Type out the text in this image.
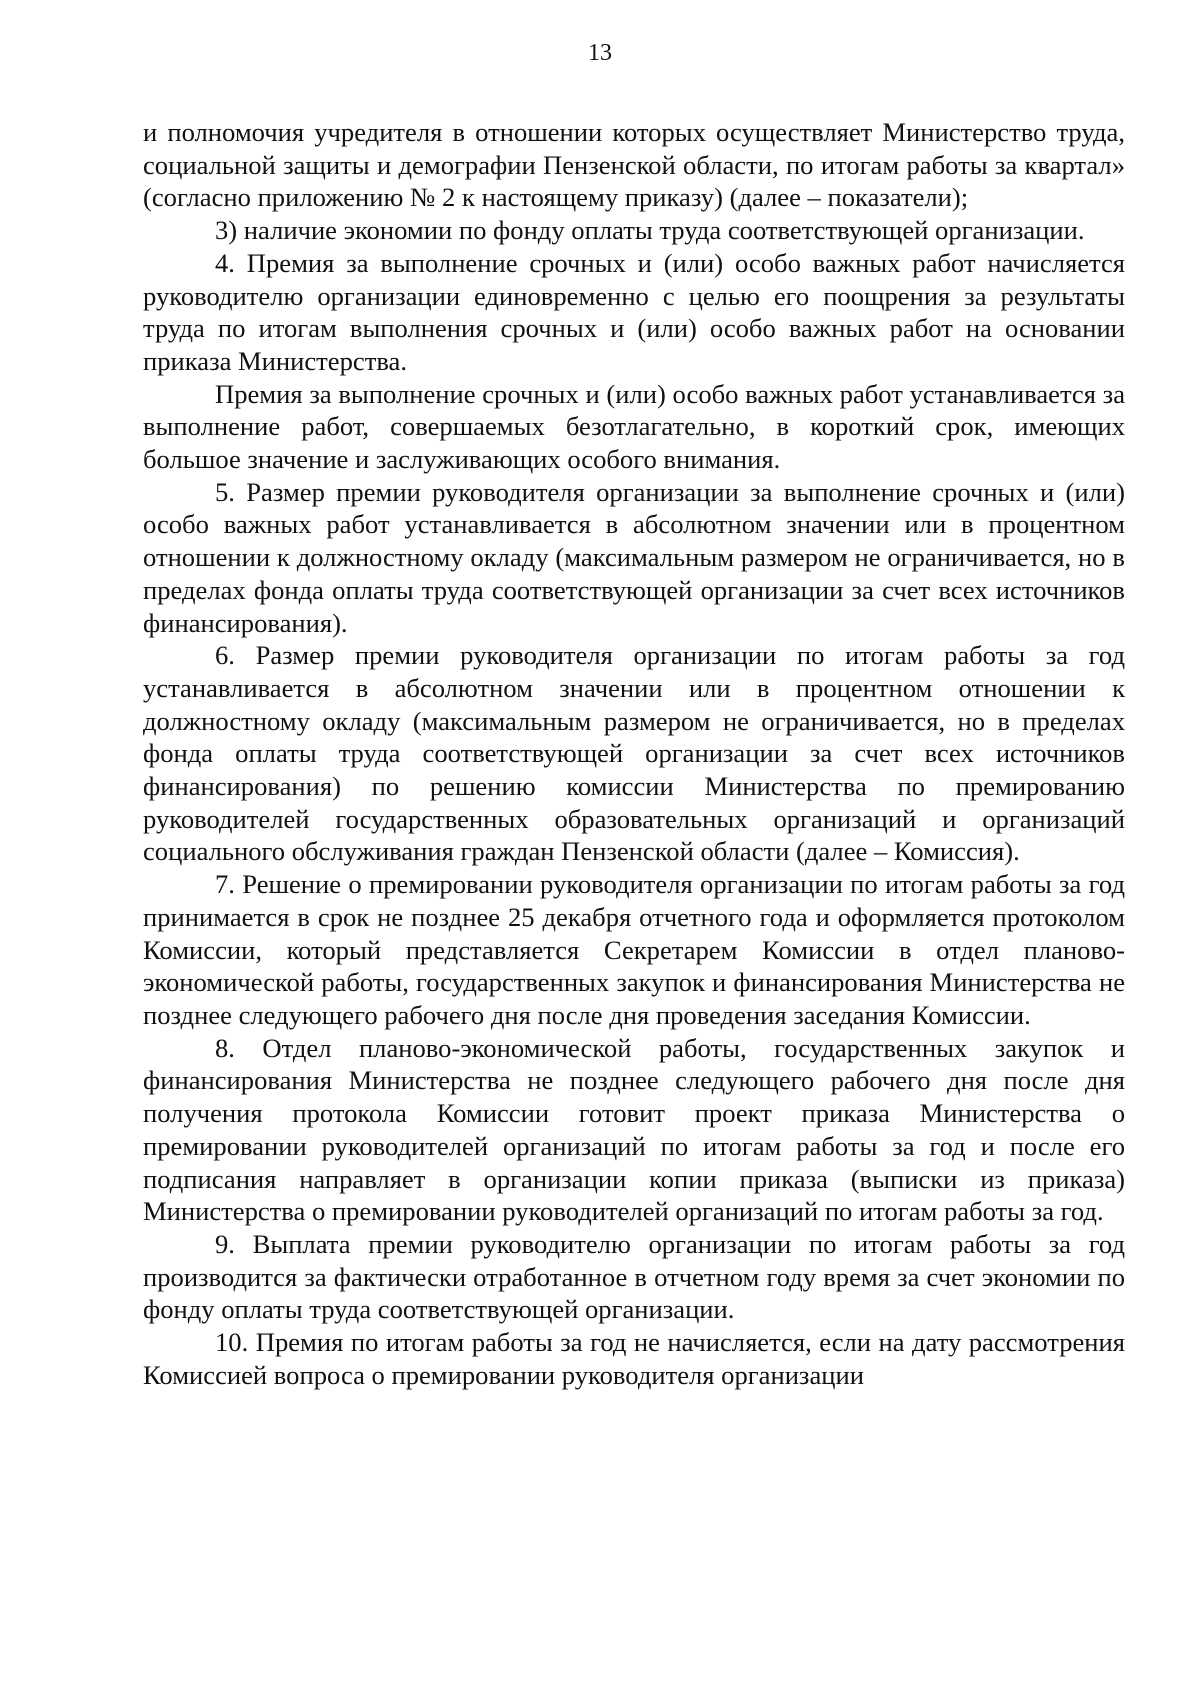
13

и полномочия учредителя в отношении которых осуществляет Министерство труда, социальной защиты и демографии Пензенской области, по итогам работы за квартал» (согласно приложению № 2 к настоящему приказу) (далее – показатели);

3) наличие экономии по фонду оплаты труда соответствующей организации.

4. Премия за выполнение срочных и (или) особо важных работ начисляется руководителю организации единовременно с целью его поощрения за результаты труда по итогам выполнения срочных и (или) особо важных работ на основании приказа Министерства.

Премия за выполнение срочных и (или) особо важных работ устанавливается за выполнение работ, совершаемых безотлагательно, в короткий срок, имеющих большое значение и заслуживающих особого внимания.

5. Размер премии руководителя организации за выполнение срочных и (или) особо важных работ устанавливается в абсолютном значении или в процентном отношении к должностному окладу (максимальным размером не ограничивается, но в пределах фонда оплаты труда соответствующей организации за счет всех источников финансирования).

6. Размер премии руководителя организации по итогам работы за год устанавливается в абсолютном значении или в процентном отношении к должностному окладу (максимальным размером не ограничивается, но в пределах фонда оплаты труда соответствующей организации за счет всех источников финансирования) по решению комиссии Министерства по премированию руководителей государственных образовательных организаций и организаций социального обслуживания граждан Пензенской области (далее – Комиссия).

7. Решение о премировании руководителя организации по итогам работы за год принимается в срок не позднее 25 декабря отчетного года и оформляется протоколом Комиссии, который представляется Секретарем Комиссии в отдел планово-экономической работы, государственных закупок и финансирования Министерства не позднее следующего рабочего дня после дня проведения заседания Комиссии.

8. Отдел планово-экономической работы, государственных закупок и финансирования Министерства не позднее следующего рабочего дня после дня получения протокола Комиссии готовит проект приказа Министерства о премировании руководителей организаций по итогам работы за год и после его подписания направляет в организации копии приказа (выписки из приказа) Министерства о премировании руководителей организаций по итогам работы за год.

9. Выплата премии руководителю организации по итогам работы за год производится за фактически отработанное в отчетном году время за счет экономии по фонду оплаты труда соответствующей организации.

10. Премия по итогам работы за год не начисляется, если на дату рассмотрения Комиссией вопроса о премировании руководителя организации
